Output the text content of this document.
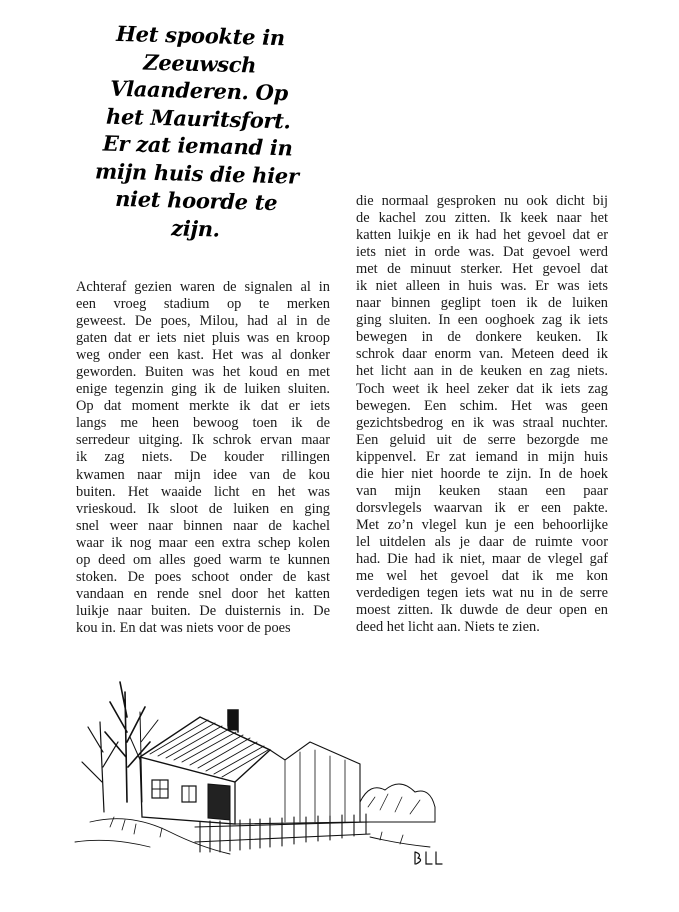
Het spookte in
Zeeuwsch
Vlaanderen. Op
het Mauritsfort.
Er zat iemand in
mijn huis die hier
niet hoorde te
zijn.
Achteraf gezien waren de signalen al in
een vroeg stadium op te merken
geweest. De poes, Milou, had al in de
gaten dat er iets niet pluis was en kroop
weg onder een kast. Het was al donker
geworden. Buiten was het koud en met
enige tegenzin ging ik de luiken sluiten.
Op dat moment merkte ik dat er iets
langs me heen bewoog toen ik de
serredeur uitging. Ik schrok ervan maar
ik zag niets. De kouder rillingen
kwamen naar mijn idee van de kou
buiten. Het waaide licht en het was
vrieskoud. Ik sloot de luiken en ging
snel weer naar binnen naar de kachel
waar ik nog maar een extra schep kolen
op deed om alles goed warm te kunnen
stoken. De poes schoot onder de kast
vandaan en rende snel door het katten
luikje naar buiten. De duisternis in. De
kou in. En dat was niets voor de poes
die normaal gesproken nu ook dicht bij
de kachel zou zitten. Ik keek naar het
katten luikje en ik had het gevoel dat er
iets niet in orde was. Dat gevoel werd
met de minuut sterker. Het gevoel dat
ik niet alleen in huis was. Er was iets
naar binnen geglipt toen ik de luiken
ging sluiten. In een ooghoek zag ik iets
bewegen in de donkere keuken. Ik
schrok daar enorm van. Meteen deed ik
het licht aan in de keuken en zag niets.
Toch weet ik heel zeker dat ik iets zag
bewegen. Een schim. Het was geen
gezichtsbedrog en ik was straal nuchter.
Een geluid uit de serre bezorgde me
kippenvel. Er zat iemand in mijn huis
die hier niet hoorde te zijn. In de hoek
van mijn keuken staan een paar
dorsvlegels waarvan ik er een pakte.
Met zo’n vlegel kun je een behoorlijke
lel uitdelen als je daar de ruimte voor
had. Die had ik niet, maar de vlegel gaf
me wel het gevoel dat ik me kon
verdedigen tegen iets wat nu in de serre
moest zitten. Ik duwde de deur open en
deed het licht aan. Niets te zien.
